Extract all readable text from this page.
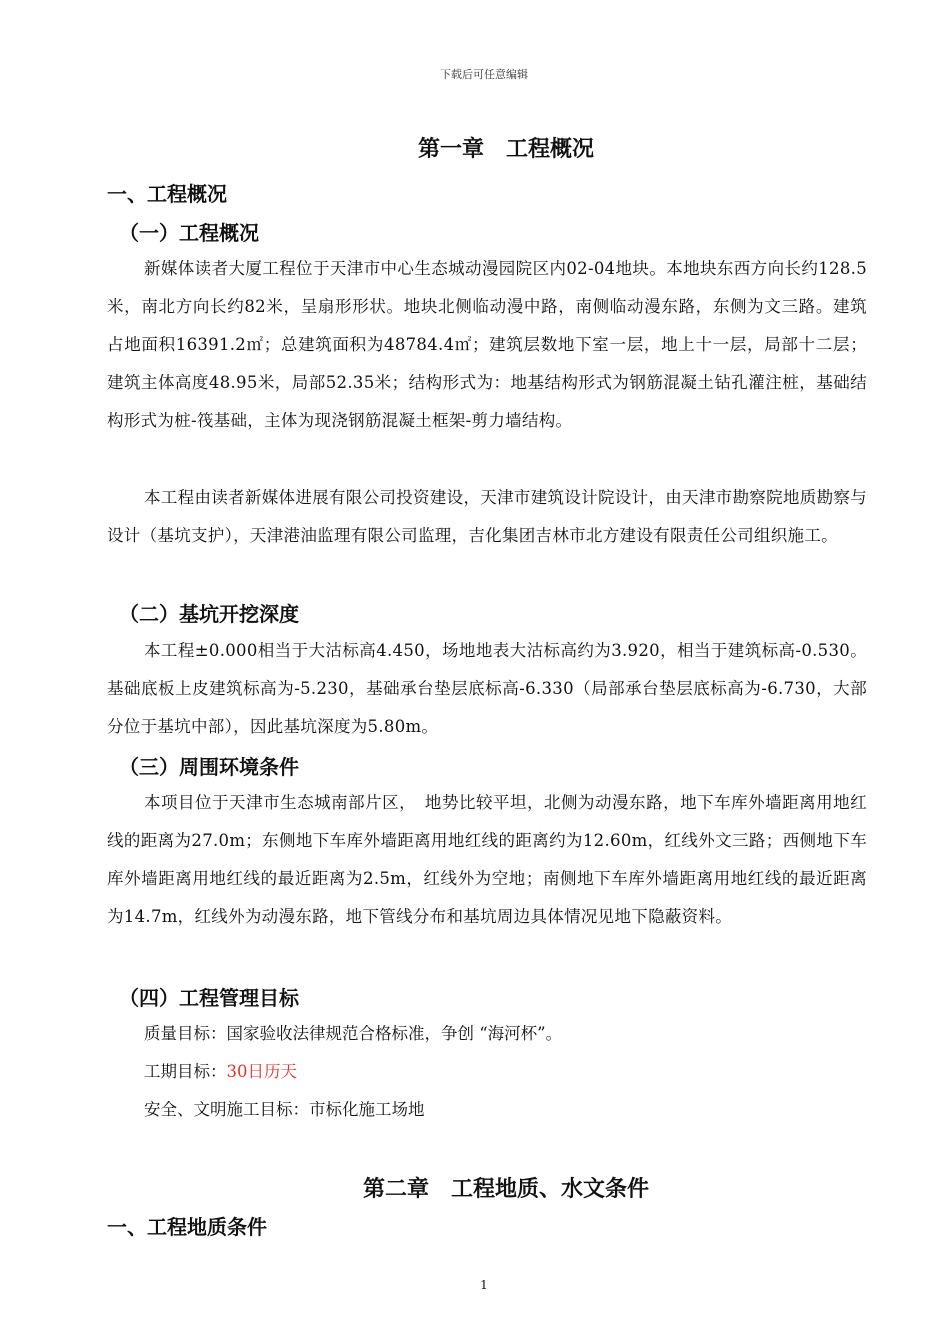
下载后可任意编辑
第一章　工程概况
一、工程概况
（一）工程概况

新媒体读者大厦工程位于天津市中心生态城动漫园院区内02-04地块。本地块东西方向长约128.5米，南北方向长约82米，呈扇形形状。地块北侧临动漫中路，南侧临动漫东路，东侧为文三路。建筑占地面积16391.2㎡；总建筑面积为48784.4㎡；建筑层数地下室一层，地上十一层，局部十二层；建筑主体高度48.95米，局部52.35米；结构形式为：地基结构形式为钢筋混凝土钻孔灌注桩，基础结构形式为桩-筏基础，主体为现浇钢筋混凝土框架-剪力墙结构。

本工程由读者新媒体进展有限公司投资建设，天津市建筑设计院设计，由天津市勘察院地质勘察与设计（基坑支护），天津港油监理有限公司监理，吉化集团吉林市北方建设有限责任公司组织施工。

（二）基坑开挖深度

本工程±0.000相当于大沽标高4.450，场地地表大沽标高约为3.920，相当于建筑标高-0.530。基础底板上皮建筑标高为-5.230，基础承台垫层底标高-6.330（局部承台垫层底标高为-6.730，大部分位于基坑中部），因此基坑深度为5.80m。

（三）周围环境条件

本项目位于天津市生态城南部片区，　地势比较平坦，北侧为动漫东路，地下车库外墙距离用地红线的距离为27.0m；东侧地下车库外墙距离用地红线的距离约为12.60m，红线外文三路；西侧地下车库外墙距离用地红线的最近距离为2.5m，红线外为空地；南侧地下车库外墙距离用地红线的最近距离为14.7m，红线外为动漫东路，地下管线分布和基坑周边具体情况见地下隐蔽资料。

（四）工程管理目标

质量目标：国家验收法律规范合格标准，争创 “海河杯”。

工期目标：30日历天

安全、文明施工目标：市标化施工场地

第二章　工程地质、水文条件
一、工程地质条件
1
